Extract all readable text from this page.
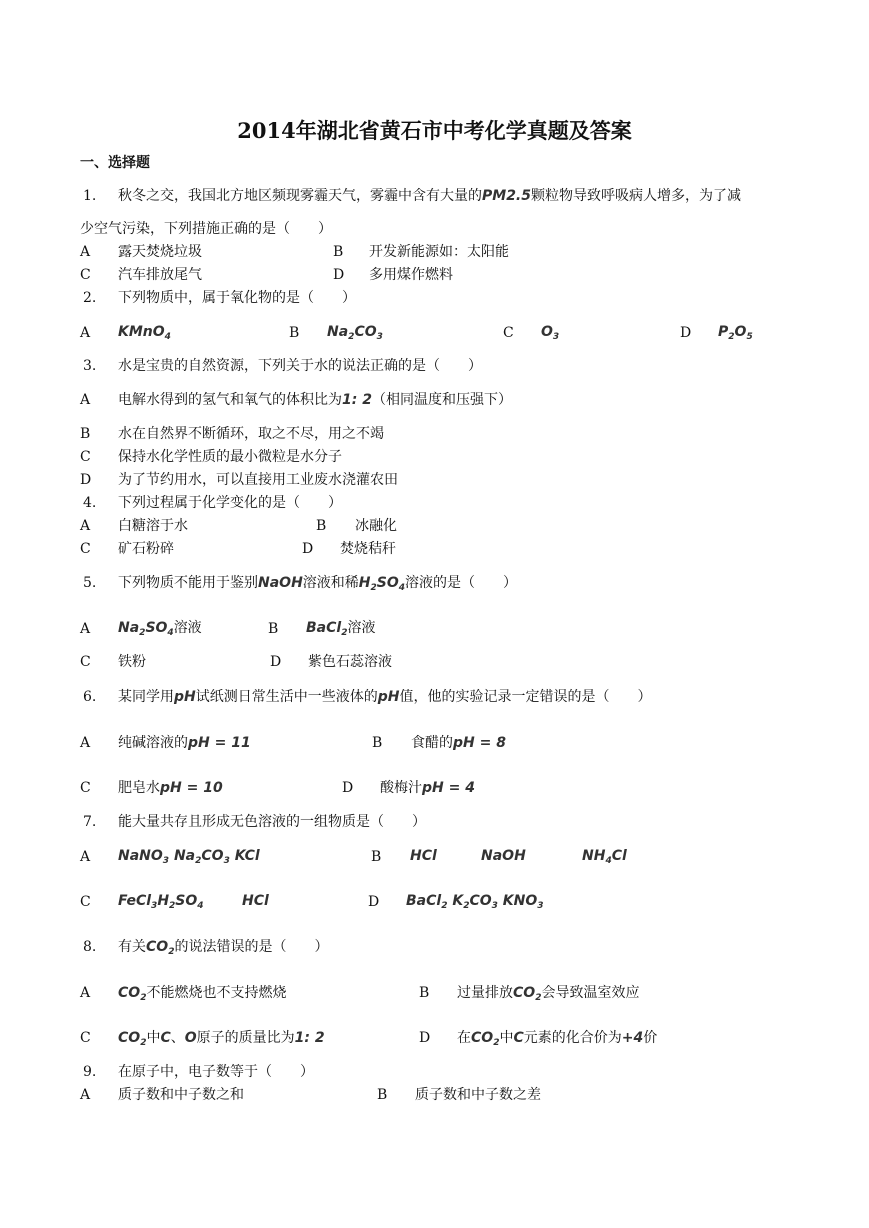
2014年湖北省黄石市中考化学真题及答案
一、选择题
1. 秋冬之交，我国北方地区频现雾霾天气，雾霾中含有大量的PM2.5颗粒物导致呼吸病人增多，为了减
少空气污染，下列措施正确的是（　　）
A 露天焚烧垃圾	B 开发新能源如：太阳能
C 汽车排放尾气	D 多用煤作燃料
2. 下列物质中，属于氧化物的是（　　）
A KMnO$_4$	B $Na_2CO_3$	C $O_3$	D $P_2O_5$
3. 水是宝贵的自然资源，下列关于水的说法正确的是（　　）
A 电解水得到的氢气和氧气的体积比为1: 2（相同温度和压强下）
B 水在自然界不断循环，取之不尽，用之不竭
C 保持水化学性质的最小微粒是水分子
D 为了节约用水，可以直接用工业废水浇灌农田
4. 下列过程属于化学变化的是（　　）
A 白糖溶于水	B 冰融化
C 矿石粉碎	D 焚烧秸秆
5. 下列物质不能用于鉴别NaOH溶液和稀$H_2SO_4$溶液的是（　　）
A $Na_2SO_4$溶液	B BaCl$_2$溶液
C 铁粉	D 紫色石蕊溶液
6. 某同学用pH试纸测日常生活中一些液体的pH值，他的实验记录一定错误的是（　　）
A 纯碱溶液的pH = 11	B 食醋的pH = 8
C 肥皂水pH = 10	D 酸梅汁pH = 4
7. 能大量共存且形成无色溶液的一组物质是（　　）
A NaNO$_3$ $Na_2CO_3$ KCl	B HCl	NaOH	$NH_4Cl$
C $FeCl_3H_2SO_4$	HCl	D BaCl$_2$ $K_2CO_3$ $KNO_3$
8. 有关$CO_2$的说法错误的是（　　）
A $CO_2$不能燃烧也不支持燃烧	B 过量排放$CO_2$会导致温室效应
C $CO_2$中C、O原子的质量比为1: 2	D 在$CO_2$中C元素的化合价为+4价
9. 在原子中，电子数等于（　　）
A 质子数和中子数之和	B 质子数和中子数之差
